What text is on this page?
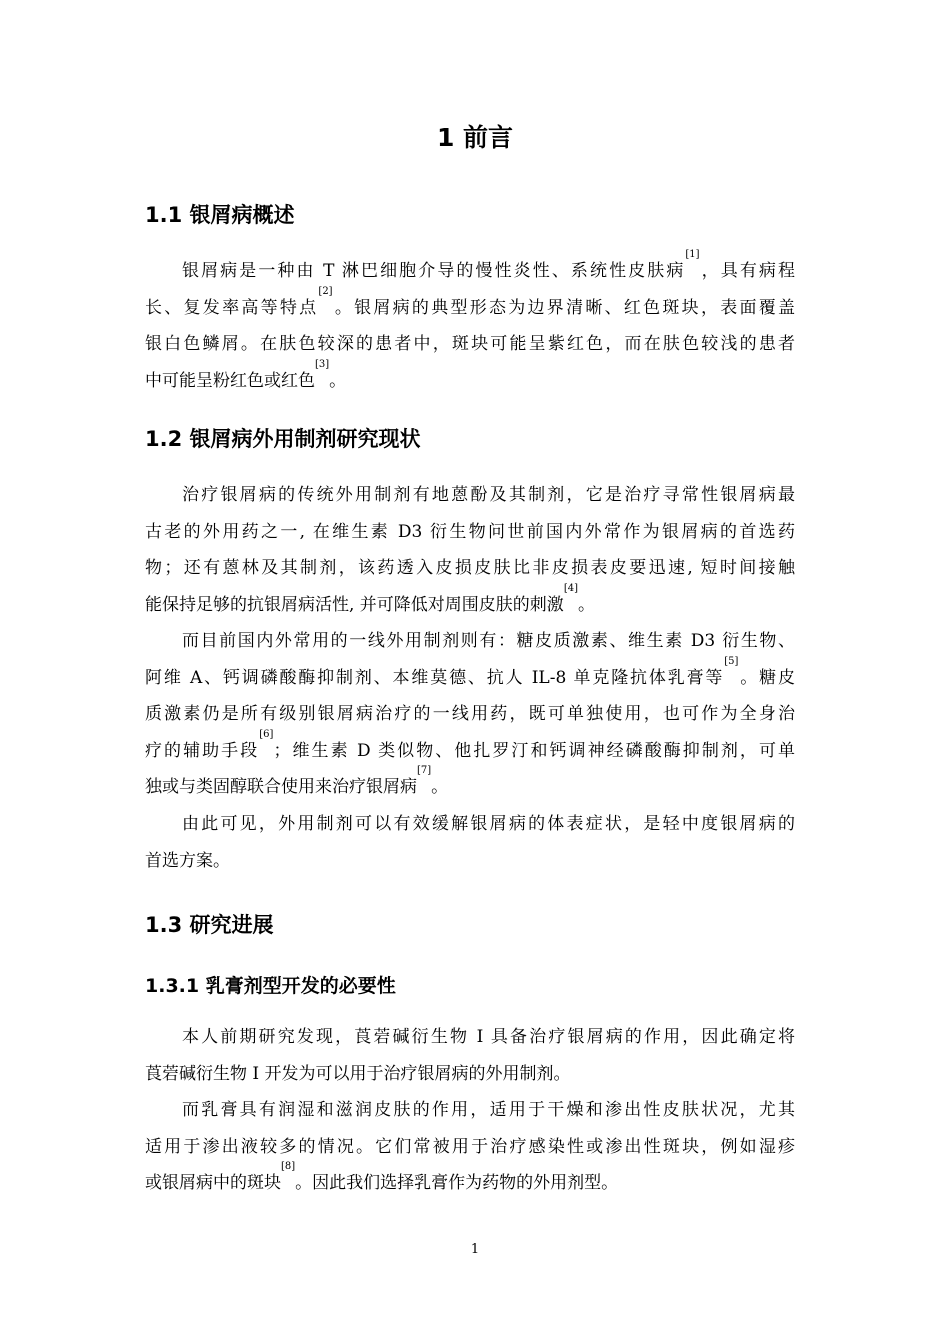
1 前言
1.1 银屑病概述
银屑病是一种由 T 淋巴细胞介导的慢性炎性、系统性皮肤病[1]，具有病程
长、复发率高等特点[2]。银屑病的典型形态为边界清晰、红色斑块，表面覆盖
银白色鳞屑。在肤色较深的患者中，斑块可能呈紫红色，而在肤色较浅的患者
中可能呈粉红色或红色[3]。
1.2 银屑病外用制剂研究现状
治疗银屑病的传统外用制剂有地蒽酚及其制剂，它是治疗寻常性银屑病最
古老的外用药之一, 在维生素 D3 衍生物问世前国内外常作为银屑病的首选药
物；还有蒽林及其制剂，该药透入皮损皮肤比非皮损表皮要迅速, 短时间接触
能保持足够的抗银屑病活性, 并可降低对周围皮肤的刺激[4]。
而目前国内外常用的一线外用制剂则有：糖皮质激素、维生素 D3 衍生物、
阿维 A、钙调磷酸酶抑制剂、本维莫德、抗人 IL-8 单克隆抗体乳膏等[5]。糖皮
质激素仍是所有级别银屑病治疗的一线用药，既可单独使用，也可作为全身治
疗的辅助手段[6]；维生素 D 类似物、他扎罗汀和钙调神经磷酸酶抑制剂，可单
独或与类固醇联合使用来治疗银屑病[7]。
由此可见，外用制剂可以有效缓解银屑病的体表症状，是轻中度银屑病的
首选方案。
1.3 研究进展
1.3.1 乳膏剂型开发的必要性
本人前期研究发现，莨菪碱衍生物 I 具备治疗银屑病的作用，因此确定将
莨菪碱衍生物 I 开发为可以用于治疗银屑病的外用制剂。
而乳膏具有润湿和滋润皮肤的作用，适用于干燥和渗出性皮肤状况，尤其
适用于渗出液较多的情况。它们常被用于治疗感染性或渗出性斑块，例如湿疹
或银屑病中的斑块[8]。因此我们选择乳膏作为药物的外用剂型。
1
